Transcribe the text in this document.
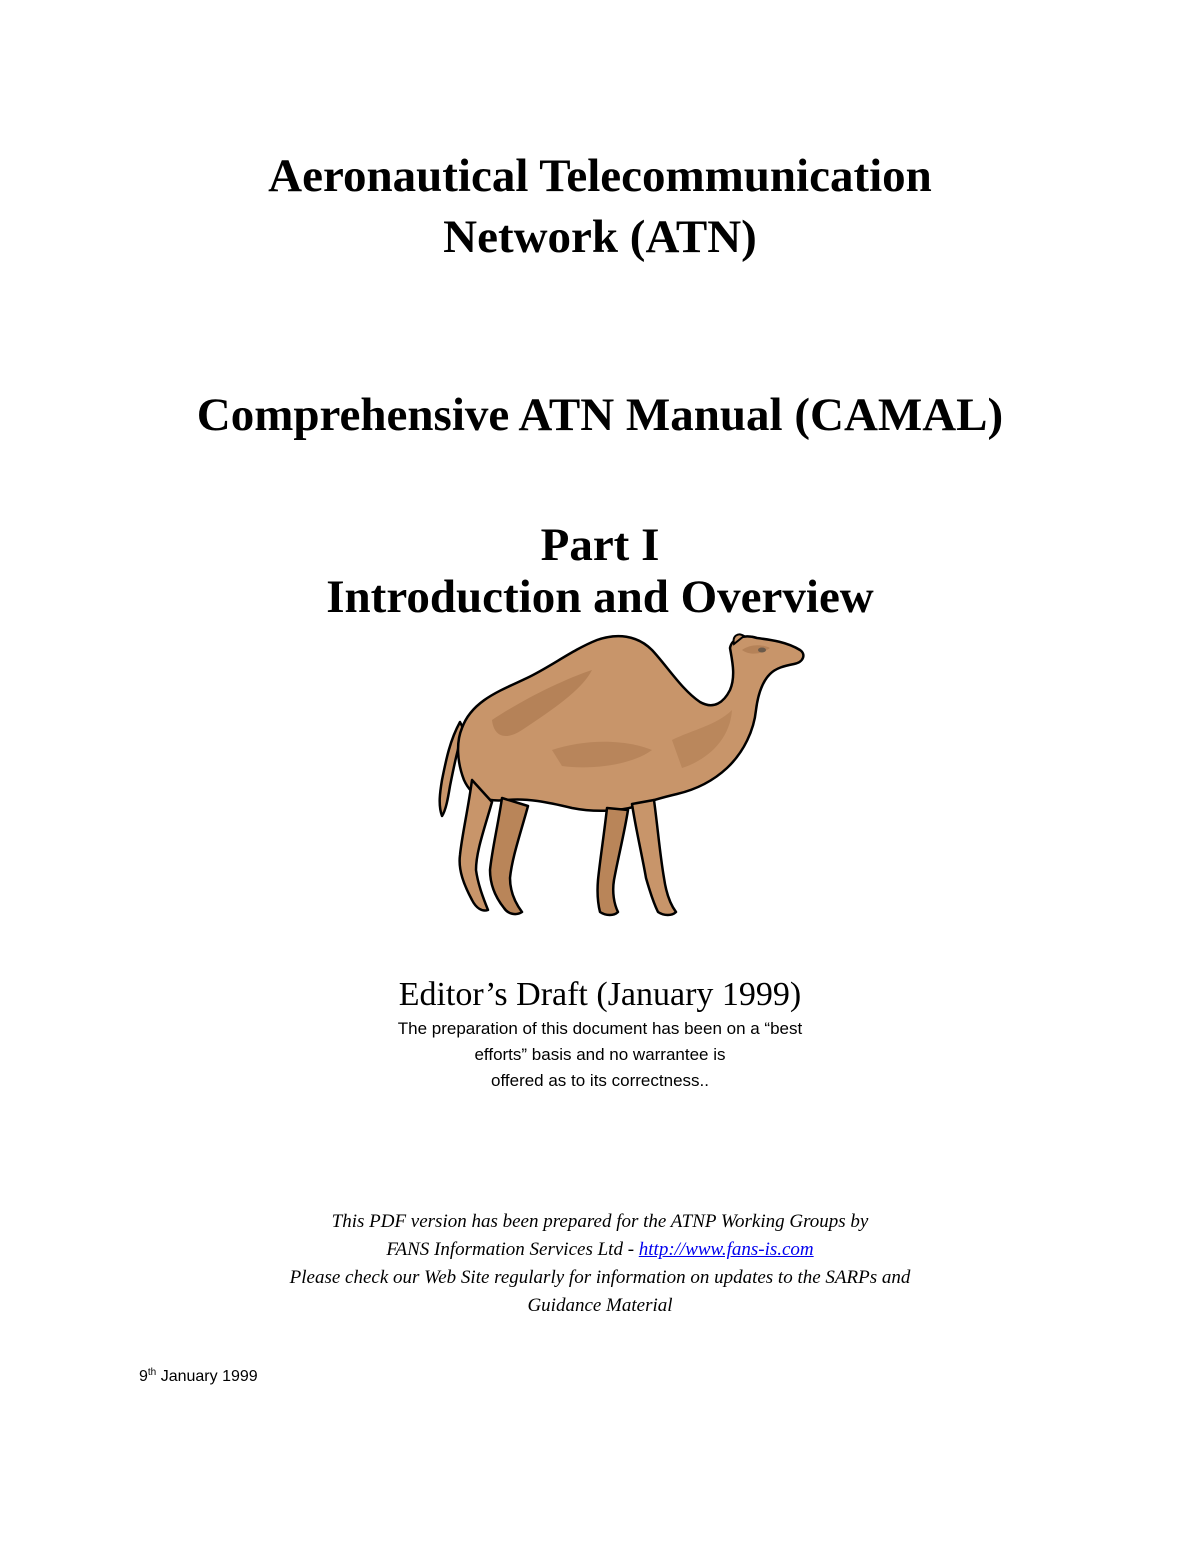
Aeronautical Telecommunication
Network (ATN)
Comprehensive ATN Manual (CAMAL)
Part I
Introduction and Overview
Editor’s Draft (January 1999)
The preparation of this document has been on a “best
efforts” basis and no warrantee is
offered as to its correctness..
This PDF version has been prepared for the ATNP Working Groups by
FANS Information Services Ltd - http://www.fans-is.com
Please check our Web Site regularly for information on updates to the SARPs and
Guidance Material
9th January 1999
